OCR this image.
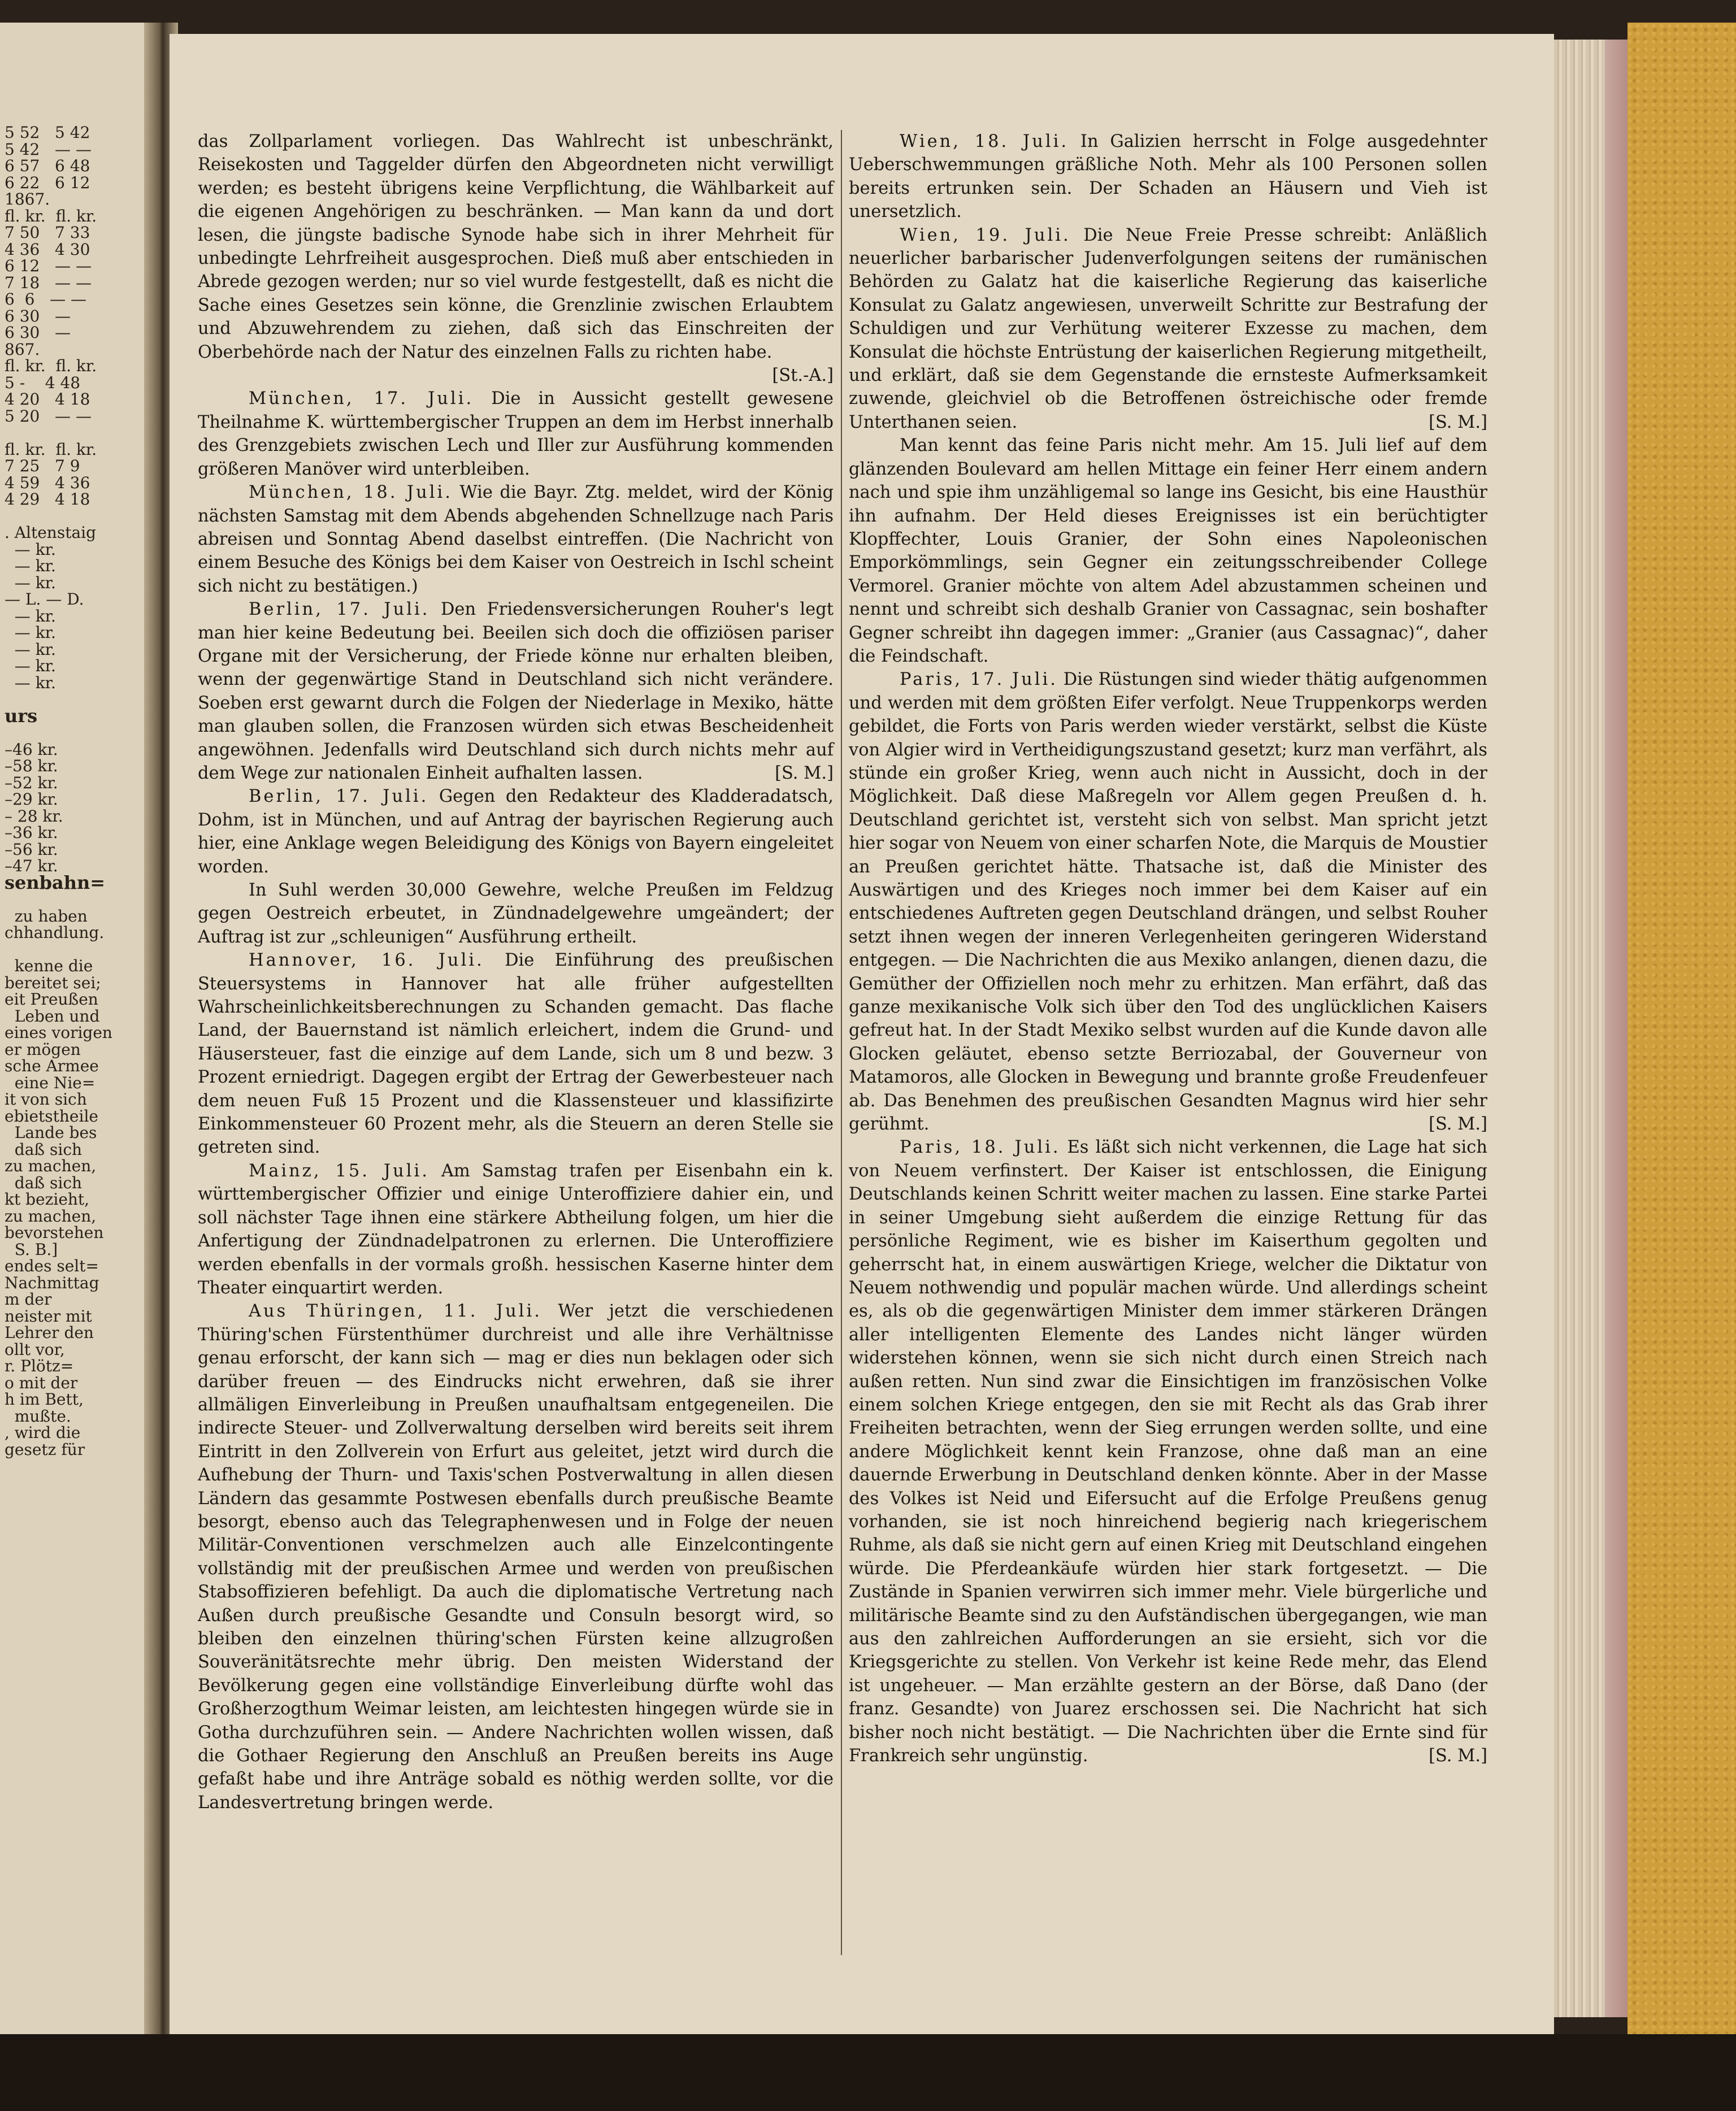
5 52   5 42
5 42   — —
6 57   6 48
6 22   6 12
1867.
fl. kr.  fl. kr.
7 50   7 33
4 36   4 30
6 12   — —
7 18   — —
6  6   — —
6 30   —
6 30   —
867.
fl. kr.  fl. kr.
5 -    4 48
4 20   4 18
5 20   — —

fl. kr.  fl. kr.
7 25   7 9
4 59   4 36
4 29   4 18

. Altenstaig
— kr.
— kr.
— kr.
— L. — D.
— kr.
— kr.
— kr.
— kr.
— kr.

urs

–46 kr.
–58 kr.
–52 kr.
–29 kr.
– 28 kr.
–36 kr.
–56 kr.
–47 kr.
senbahn=

zu haben
chhandlung.

kenne die
bereitet sei;
eit Preußen
Leben und
eines vorigen
er mögen
sche Armee
eine Nie=
it von sich
ebietstheile
Lande bes
daß sich
zu machen,
daß sich
kt bezieht,
zu machen,
bevorstehen
S. B.]
endes selt=
Nachmittag
m der
neister mit
Lehrer den
ollt vor,
r. Plötz=
o mit der
h im Bett,
mußte.
, wird die
gesetz für

das Zollparlament vorliegen. Das Wahlrecht ist unbeschränkt, Reisekosten und Taggelder dürfen den Abgeordneten nicht verwilligt werden; es besteht übrigens keine Verpflichtung, die Wählbarkeit auf die eigenen Angehörigen zu beschränken. — Man kann da und dort lesen, die jüngste badische Synode habe sich in ihrer Mehrheit für unbedingte Lehrfreiheit ausgesprochen. Dieß muß aber entschieden in Abrede gezogen werden; nur so viel wurde festgestellt, daß es nicht die Sache eines Gesetzes sein könne, die Grenzlinie zwischen Erlaubtem und Abzuwehrendem zu ziehen, daß sich das Einschreiten der Oberbehörde nach der Natur des einzelnen Falls zu richten habe.
[St.-A.]

München, 17. Juli. Die in Aussicht gestellt gewesene Theilnahme K. württembergischer Truppen an dem im Herbst innerhalb des Grenzgebiets zwischen Lech und Iller zur Ausführung kommenden größeren Manöver wird unterbleiben.

München, 18. Juli. Wie die Bayr. Ztg. meldet, wird der König nächsten Samstag mit dem Abends abgehenden Schnellzuge nach Paris abreisen und Sonntag Abend daselbst eintreffen. (Die Nachricht von einem Besuche des Königs bei dem Kaiser von Oestreich in Ischl scheint sich nicht zu bestätigen.)

Berlin, 17. Juli. Den Friedensversicherungen Rouher's legt man hier keine Bedeutung bei. Beeilen sich doch die offiziösen pariser Organe mit der Versicherung, der Friede könne nur erhalten bleiben, wenn der gegenwärtige Stand in Deutschland sich nicht verändere. Soeben erst gewarnt durch die Folgen der Niederlage in Mexiko, hätte man glauben sollen, die Franzosen würden sich etwas Bescheidenheit angewöhnen. Jedenfalls wird Deutschland sich durch nichts mehr auf dem Wege zur nationalen Einheit aufhalten lassen.	[S. M.]

Berlin, 17. Juli. Gegen den Redakteur des Kladderadatsch, Dohm, ist in München, und auf Antrag der bayrischen Regierung auch hier, eine Anklage wegen Beleidigung des Königs von Bayern eingeleitet worden.

In Suhl werden 30,000 Gewehre, welche Preußen im Feldzug gegen Oestreich erbeutet, in Zündnadelgewehre umgeändert; der Auftrag ist zur „schleunigen“ Ausführung ertheilt.

Hannover, 16. Juli. Die Einführung des preußischen Steuersystems in Hannover hat alle früher aufgestellten Wahrscheinlichkeitsberechnungen zu Schanden gemacht. Das flache Land, der Bauernstand ist nämlich erleichert, indem die Grund- und Häusersteuer, fast die einzige auf dem Lande, sich um 8 und bezw. 3 Prozent erniedrigt. Dagegen ergibt der Ertrag der Gewerbesteuer nach dem neuen Fuß 15 Prozent und die Klassensteuer und klassifizirte Einkommensteuer 60 Prozent mehr, als die Steuern an deren Stelle sie getreten sind.

Mainz, 15. Juli. Am Samstag trafen per Eisenbahn ein k. württembergischer Offizier und einige Unteroffiziere dahier ein, und soll nächster Tage ihnen eine stärkere Abtheilung folgen, um hier die Anfertigung der Zündnadelpatronen zu erlernen. Die Unteroffiziere werden ebenfalls in der vormals großh. hessischen Kaserne hinter dem Theater einquartirt werden.

Aus Thüringen, 11. Juli. Wer jetzt die verschiedenen Thüring'schen Fürstenthümer durchreist und alle ihre Verhältnisse genau erforscht, der kann sich — mag er dies nun beklagen oder sich darüber freuen — des Eindrucks nicht erwehren, daß sie ihrer allmäligen Einverleibung in Preußen unaufhaltsam entgegeneilen. Die indirecte Steuer- und Zollverwaltung derselben wird bereits seit ihrem Eintritt in den Zollverein von Erfurt aus geleitet, jetzt wird durch die Aufhebung der Thurn- und Taxis'schen Postverwaltung in allen diesen Ländern das gesammte Postwesen ebenfalls durch preußische Beamte besorgt, ebenso auch das Telegraphenwesen und in Folge der neuen Militär-Conventionen verschmelzen auch alle Einzelcontingente vollständig mit der preußischen Armee und werden von preußischen Stabsoffizieren befehligt. Da auch die diplomatische Vertretung nach Außen durch preußische Gesandte und Consuln besorgt wird, so bleiben den einzelnen thüring'schen Fürsten keine allzugroßen Souveränitätsrechte mehr übrig. Den meisten Widerstand der Bevölkerung gegen eine vollständige Einverleibung dürfte wohl das Großherzogthum Weimar leisten, am leichtesten hingegen würde sie in Gotha durchzuführen sein. — Andere Nachrichten wollen wissen, daß die Gothaer Regierung den Anschluß an Preußen bereits ins Auge gefaßt habe und ihre Anträge sobald es nöthig werden sollte, vor die Landesvertretung bringen werde.

Wien, 18. Juli. In Galizien herrscht in Folge ausgedehnter Ueberschwemmungen gräßliche Noth. Mehr als 100 Personen sollen bereits ertrunken sein. Der Schaden an Häusern und Vieh ist unersetzlich.

Wien, 19. Juli. Die Neue Freie Presse schreibt: Anläßlich neuerlicher barbarischer Judenverfolgungen seitens der rumänischen Behörden zu Galatz hat die kaiserliche Regierung das kaiserliche Konsulat zu Galatz angewiesen, unverweilt Schritte zur Bestrafung der Schuldigen und zur Verhütung weiterer Exzesse zu machen, dem Konsulat die höchste Entrüstung der kaiserlichen Regierung mitgetheilt, und erklärt, daß sie dem Gegenstande die ernsteste Aufmerksamkeit zuwende, gleichviel ob die Betroffenen östreichische oder fremde Unterthanen seien.	[S. M.]

Man kennt das feine Paris nicht mehr. Am 15. Juli lief auf dem glänzenden Boulevard am hellen Mittage ein feiner Herr einem andern nach und spie ihm unzähligemal so lange ins Gesicht, bis eine Hausthür ihn aufnahm. Der Held dieses Ereignisses ist ein berüchtigter Klopffechter, Louis Granier, der Sohn eines Napoleonischen Emporkömmlings, sein Gegner ein zeitungsschreibender College Vermorel. Granier möchte von altem Adel abzustammen scheinen und nennt und schreibt sich deshalb Granier von Cassagnac, sein boshafter Gegner schreibt ihn dagegen immer: „Granier (aus Cassagnac)“, daher die Feindschaft.

Paris, 17. Juli. Die Rüstungen sind wieder thätig aufgenommen und werden mit dem größten Eifer verfolgt. Neue Truppenkorps werden gebildet, die Forts von Paris werden wieder verstärkt, selbst die Küste von Algier wird in Vertheidigungszustand gesetzt; kurz man verfährt, als stünde ein großer Krieg, wenn auch nicht in Aussicht, doch in der Möglichkeit. Daß diese Maßregeln vor Allem gegen Preußen d. h. Deutschland gerichtet ist, versteht sich von selbst. Man spricht jetzt hier sogar von Neuem von einer scharfen Note, die Marquis de Moustier an Preußen gerichtet hätte. Thatsache ist, daß die Minister des Auswärtigen und des Krieges noch immer bei dem Kaiser auf ein entschiedenes Auftreten gegen Deutschland drängen, und selbst Rouher setzt ihnen wegen der inneren Verlegenheiten geringeren Widerstand entgegen. — Die Nachrichten die aus Mexiko anlangen, dienen dazu, die Gemüther der Offiziellen noch mehr zu erhitzen. Man erfährt, daß das ganze mexikanische Volk sich über den Tod des unglücklichen Kaisers gefreut hat. In der Stadt Mexiko selbst wurden auf die Kunde davon alle Glocken geläutet, ebenso setzte Berriozabal, der Gouverneur von Matamoros, alle Glocken in Bewegung und brannte große Freudenfeuer ab. Das Benehmen des preußischen Gesandten Magnus wird hier sehr gerühmt.	[S. M.]

Paris, 18. Juli. Es läßt sich nicht verkennen, die Lage hat sich von Neuem verfinstert. Der Kaiser ist entschlossen, die Einigung Deutschlands keinen Schritt weiter machen zu lassen. Eine starke Partei in seiner Umgebung sieht außerdem die einzige Rettung für das persönliche Regiment, wie es bisher im Kaiserthum gegolten und geherrscht hat, in einem auswärtigen Kriege, welcher die Diktatur von Neuem nothwendig und populär machen würde. Und allerdings scheint es, als ob die gegenwärtigen Minister dem immer stärkeren Drängen aller intelligenten Elemente des Landes nicht länger würden widerstehen können, wenn sie sich nicht durch einen Streich nach außen retten. Nun sind zwar die Einsichtigen im französischen Volke einem solchen Kriege entgegen, den sie mit Recht als das Grab ihrer Freiheiten betrachten, wenn der Sieg errungen werden sollte, und eine andere Möglichkeit kennt kein Franzose, ohne daß man an eine dauernde Erwerbung in Deutschland denken könnte. Aber in der Masse des Volkes ist Neid und Eifersucht auf die Erfolge Preußens genug vorhanden, sie ist noch hinreichend begierig nach kriegerischem Ruhme, als daß sie nicht gern auf einen Krieg mit Deutschland eingehen würde. Die Pferdeankäufe würden hier stark fortgesetzt. — Die Zustände in Spanien verwirren sich immer mehr. Viele bürgerliche und militärische Beamte sind zu den Aufständischen übergegangen, wie man aus den zahlreichen Aufforderungen an sie ersieht, sich vor die Kriegsgerichte zu stellen. Von Verkehr ist keine Rede mehr, das Elend ist ungeheuer. — Man erzählte gestern an der Börse, daß Dano (der franz. Gesandte) von Juarez erschossen sei. Die Nachricht hat sich bisher noch nicht bestätigt. — Die Nachrichten über die Ernte sind für Frankreich sehr ungünstig.	[S. M.]
